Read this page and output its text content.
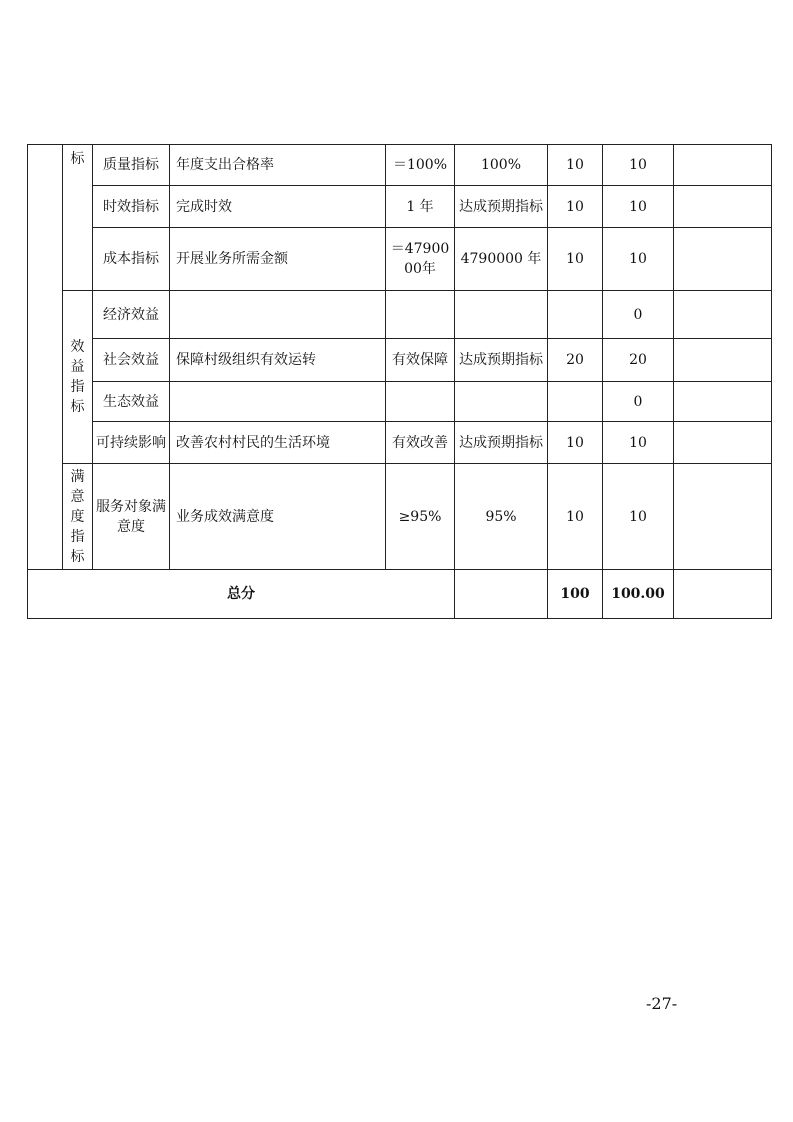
	标	质量指标	年度支出合格率	＝100%	100%	10	10	
		时效指标	完成时效	1 年	达成预期指标	10	10	
		成本指标	开展业务所需金额	＝4790000年	4790000 年	10	10	
	效益指标	经济效益					0	
		社会效益	保障村级组织有效运转	有效保障	达成预期指标	20	20	
		生态效益					0	
		可持续影响	改善农村村民的生活环境	有效改善	达成预期指标	10	10	
	满意度指标	服务对象满意度	业务成效满意度	≥95%	95%	10	10	
总分						100	100.00	
-27-
